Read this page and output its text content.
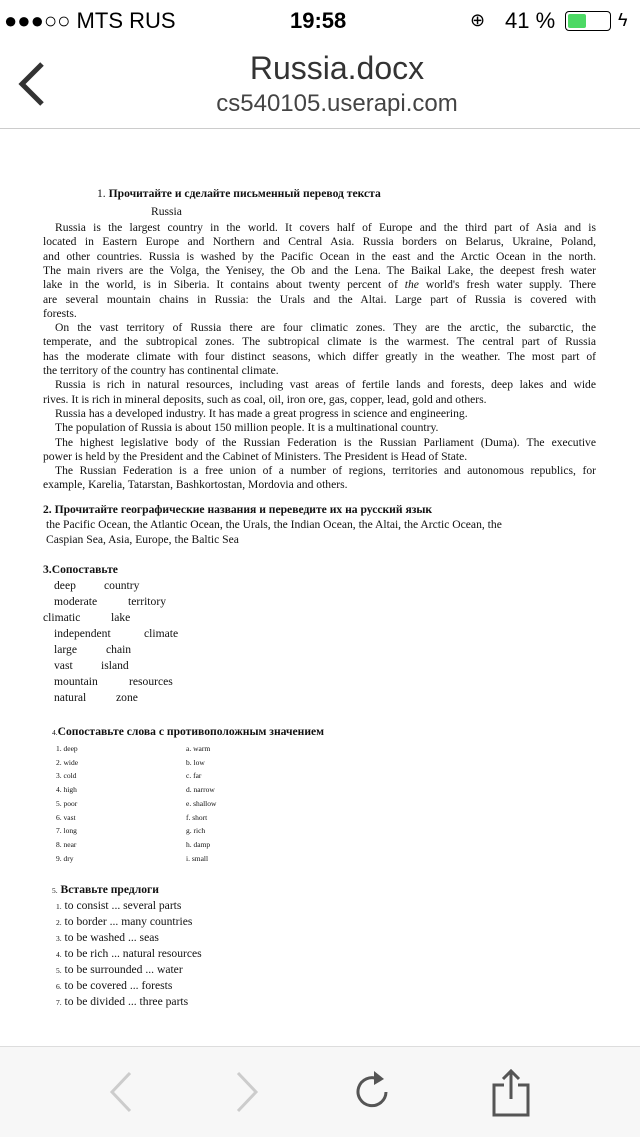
●●●○○ MTS RUS	19:58	⊕ 41 %	ϟ
Russia.docx
cs540105.userapi.com
1. Прочитайте и сделайте письменный перевод текста
Russia
Russia is the largest country in the world. It covers half of Europe and the third part of Asia and is
located in Eastern Europe and Northern and Central Asia. Russia borders on Belarus, Ukraine, Poland,
and other countries. Russia is washed by the Pacific Ocean in the east and the Arctic Ocean in the north.
The main rivers are the Volga, the Yenisey, the Ob and the Lena. The Baikal Lake, the deepest fresh water
lake in the world, is in Siberia. It contains about twenty percent of the world's fresh water supply. There
are several mountain chains in Russia: the Urals and the Altai. Large part of Russia is covered with
forests.
On the vast territory of Russia there are four climatic zones. They are the arctic, the subarctic, the
temperate, and the subtropical zones. The subtropical climate is the warmest. The central part of Russia
has the moderate climate with four distinct seasons, which differ greatly in the weather. The most part of
the territory of the country has continental climate.
Russia is rich in natural resources, including vast areas of fertile lands and forests, deep lakes and wide
rives. It is rich in mineral deposits, such as coal, oil, iron ore, gas, copper, lead, gold and others.
Russia has a developed industry. It has made a great progress in science and engineering.
The population of Russia is about 150 million people. It is a multinational country.
The highest legislative body of the Russian Federation is the Russian Parliament (Duma). The executive
power is held by the President and the Cabinet of Ministers. The President is Head of State.
The Russian Federation is a free union of a number of regions, territories and autonomous republics, for
example, Karelia, Tatarstan, Bashkortostan, Mordovia and others.
2. Прочитайте географические названия и переведите их на русский язык
the Pacific Ocean, the Atlantic Ocean, the Urals, the Indian Ocean, the Altai, the Arctic Ocean, the
Caspian Sea, Asia, Europe, the Baltic Sea
3.Сопоставьте
deep country
moderate	territory
climatic	lake
independent	climate
large	chain
vast island
mountain	resources
natural	zone
4.Сопоставьте слова с противоположным значением
1. deep	a. warm
2. wide	b. low
3. cold	c. far
4. high	d. narrow
5. poor	e. shallow
6. vast	f. short
7. long	g. rich
8. near	h. damp
9. dry	i. small
5. Вставьте предлоги
1. to consist ... several parts
2. to border ... many countries
3. to be washed ... seas
4. to be rich ... natural resources
5. to be surrounded ... water
6. to be covered ... forests
7. to be divided ... three parts
